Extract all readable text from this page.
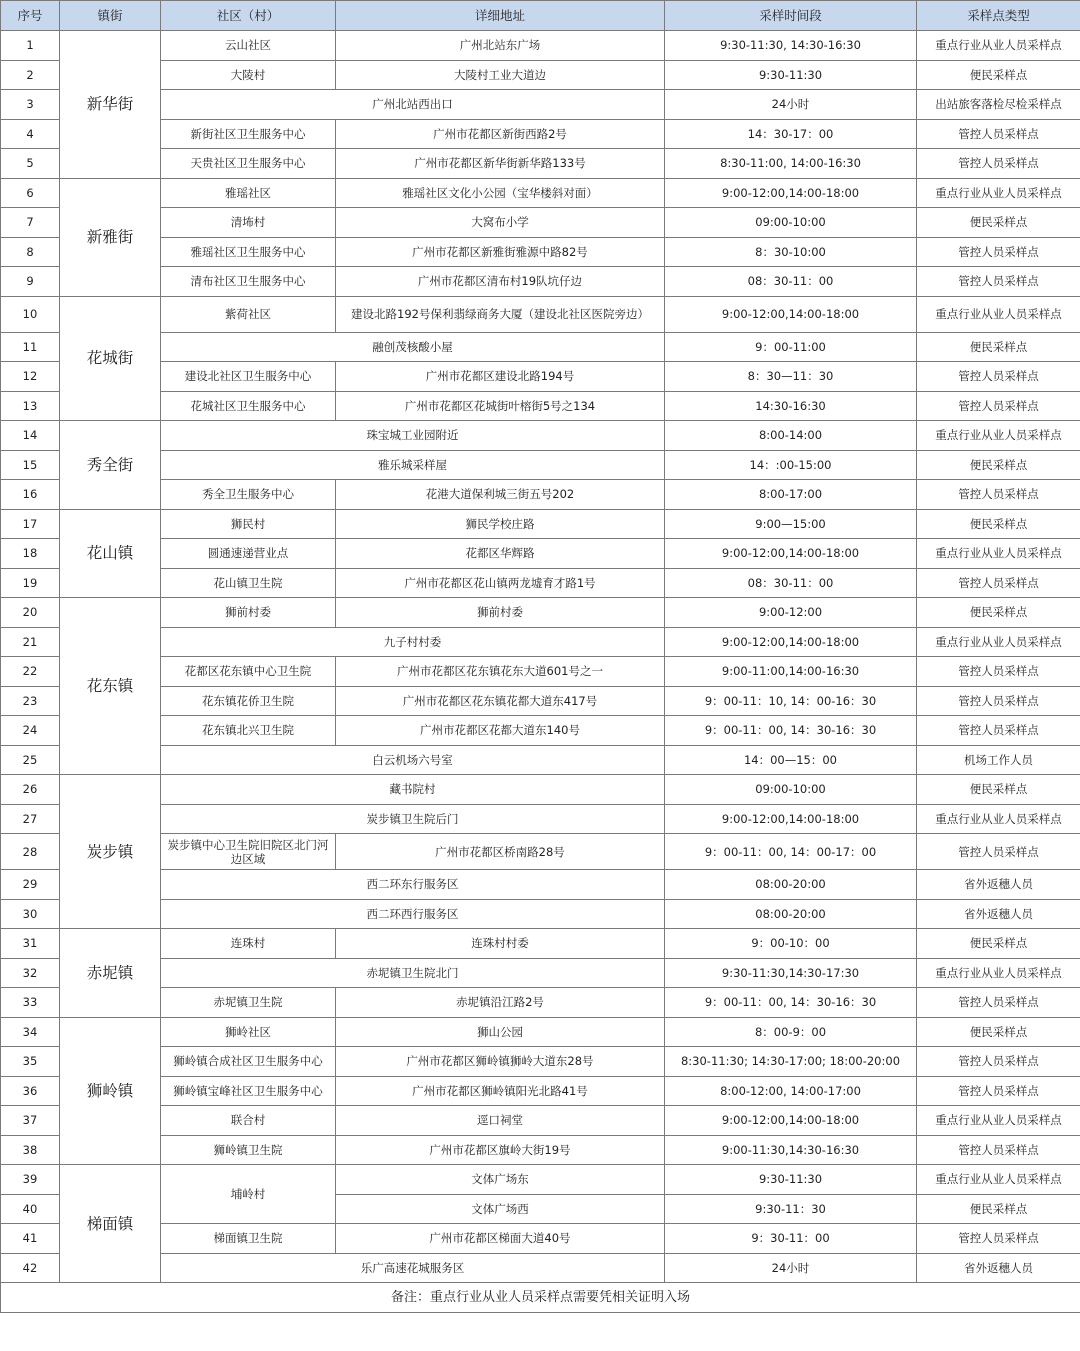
序号	镇街	社区（村）	详细地址	采样时间段	采样点类型
1	新华街	云山社区	广州北站东广场	9:30-11:30, 14:30-16:30	重点行业从业人员采样点
2		大陵村	大陵村工业大道边	9:30-11:30	便民采样点
3		广州北站西出口		24小时	出站旅客落检尽检采样点
4		新街社区卫生服务中心	广州市花都区新街西路2号	14：30-17：00	管控人员采样点
5		天贵社区卫生服务中心	广州市花都区新华街新华路133号	8:30-11:00, 14:00-16:30	管控人员采样点
6	新雅街	雅瑶社区	雅瑶社区文化小公园（宝华楼斜对面）	9:00-12:00,14:00-18:00	重点行业从业人员采样点
7		清㘵村	大窝布小学	09:00-10:00	便民采样点
8		雅瑶社区卫生服务中心	广州市花都区新雅街雅源中路82号	8：30-10:00	管控人员采样点
9		清布社区卫生服务中心	广州市花都区清布村19队坑仔边	08：30-11：00	管控人员采样点
10	花城街	紫荷社区	建设北路192号保利翡绿商务大厦（建设北社区医院旁边）	9:00-12:00,14:00-18:00	重点行业从业人员采样点
11		融创茂核酸小屋		9：00-11:00	便民采样点
12		建设北社区卫生服务中心	广州市花都区建设北路194号	8：30—11：30	管控人员采样点
13		花城社区卫生服务中心	广州市花都区花城街叶榕街5号之134	14:30-16:30	管控人员采样点
14	秀全街	珠宝城工业园附近		8:00-14:00	重点行业从业人员采样点
15		雅乐城采样屋		14：:00-15:00	便民采样点
16		秀全卫生服务中心	花港大道保利城三街五号202	8:00-17:00	管控人员采样点
17	花山镇	狮民村	狮民学校庄路	9:00—15:00	便民采样点
18		圆通速递营业点	花都区华辉路	9:00-12:00,14:00-18:00	重点行业从业人员采样点
19		花山镇卫生院	广州市花都区花山镇两龙墟育才路1号	08：30-11：00	管控人员采样点
20	花东镇	狮前村委	狮前村委	9:00-12:00	便民采样点
21		九子村村委		9:00-12:00,14:00-18:00	重点行业从业人员采样点
22		花都区花东镇中心卫生院	广州市花都区花东镇花东大道601号之一	9:00-11:00,14:00-16:30	管控人员采样点
23		花东镇花侨卫生院	广州市花都区花东镇花都大道东417号	9：00-11：10, 14：00-16：30	管控人员采样点
24		花东镇北兴卫生院	广州市花都区花都大道东140号	9：00-11：00, 14：30-16：30	管控人员采样点
25		白云机场六号室		14：00—15：00	机场工作人员
26	炭步镇	藏书院村		09:00-10:00	便民采样点
27		炭步镇卫生院后门		9:00-12:00,14:00-18:00	重点行业从业人员采样点
28		炭步镇中心卫生院旧院区北门河边区域	广州市花都区桥南路28号	9：00-11：00, 14：00-17：00	管控人员采样点
29		西二环东行服务区		08:00-20:00	省外返穗人员
30		西二环西行服务区		08:00-20:00	省外返穗人员
31	赤坭镇	连珠村	连珠村村委	9：00-10：00	便民采样点
32		赤坭镇卫生院北门		9:30-11:30,14:30-17:30	重点行业从业人员采样点
33		赤坭镇卫生院	赤坭镇沿江路2号	9：00-11：00, 14：30-16：30	管控人员采样点
34	狮岭镇	狮岭社区	狮山公园	8：00-9：00	便民采样点
35		狮岭镇合成社区卫生服务中心	广州市花都区狮岭镇狮岭大道东28号	8:30-11:30; 14:30-17:00; 18:00-20:00	管控人员采样点
36		狮岭镇宝峰社区卫生服务中心	广州市花都区狮岭镇阳光北路41号	8:00-12:00, 14:00-17:00	管控人员采样点
37		联合村	逕口祠堂	9:00-12:00,14:00-18:00	重点行业从业人员采样点
38		狮岭镇卫生院	广州市花都区旗岭大街19号	9:00-11:30,14:30-16:30	管控人员采样点
39	梯面镇	埔岭村	文体广场东	9:30-11:30	重点行业从业人员采样点
40			文体广场西	9:30-11：30	便民采样点
41		梯面镇卫生院	广州市花都区梯面大道40号	9：30-11：00	管控人员采样点
42		乐广高速花城服务区		24小时	省外返穗人员
备注：重点行业从业人员采样点需要凭相关证明入场					
